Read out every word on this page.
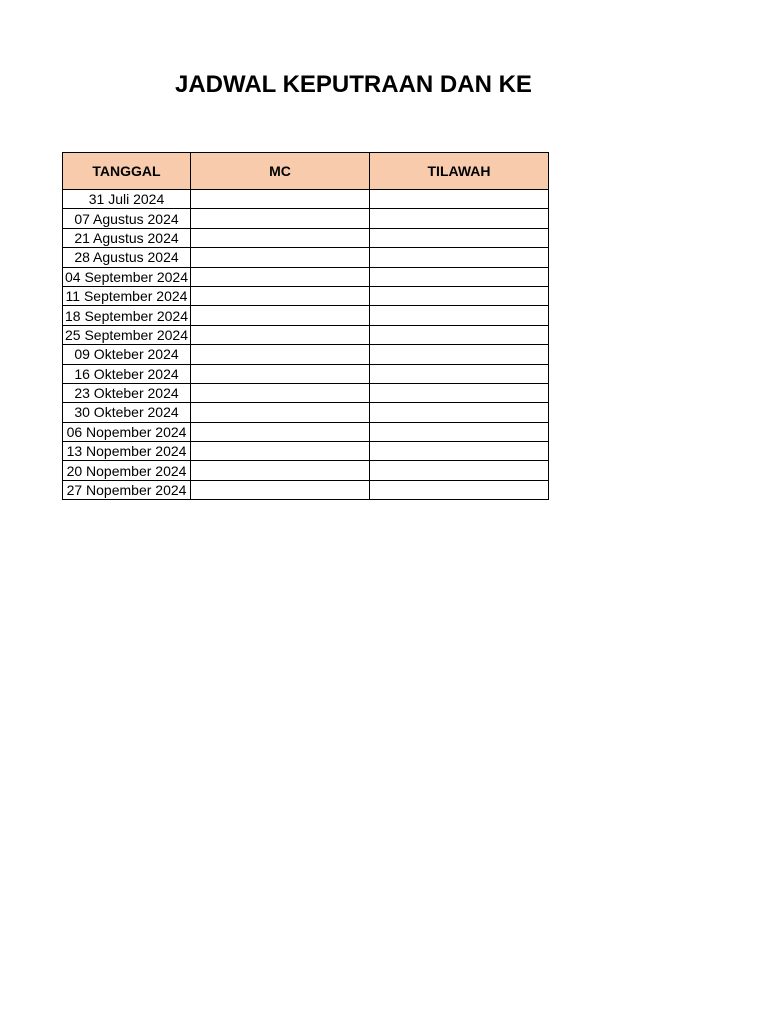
JADWAL KEPUTRAAN DAN KE
TANGGAL	MC	TILAWAH
31 Juli 2024		
07 Agustus 2024		
21 Agustus 2024		
28 Agustus 2024		
04 September 2024		
11 September 2024		
18 September 2024		
25 September 2024		
09 Okteber 2024		
16 Okteber 2024		
23 Okteber 2024		
30 Okteber 2024		
06 Nopember 2024		
13 Nopember 2024		
20 Nopember 2024		
27 Nopember 2024		
